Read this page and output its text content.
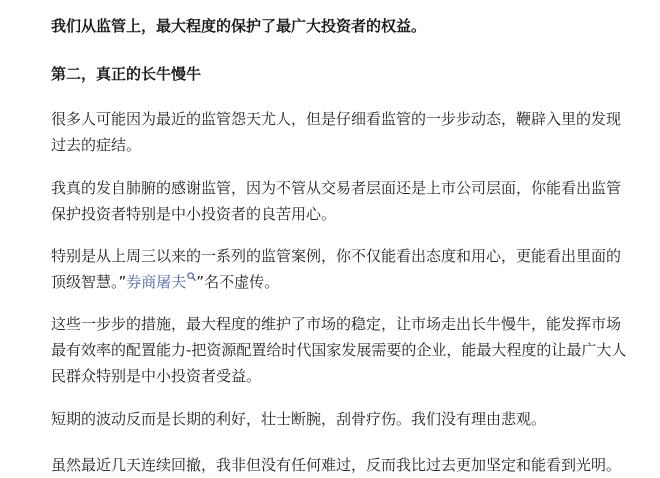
我们从监管上，最大程度的保护了最广大投资者的权益。

第二，真正的长牛慢牛

很多人可能因为最近的监管怨天尤人，但是仔细看监管的一步步动态，鞭辟入里的发现
过去的症结。

我真的发自肺腑的感谢监管，因为不管从交易者层面还是上市公司层面，你能看出监管
保护投资者特别是中小投资者的良苦用心。

特别是从上周三以来的一系列的监管案例，你不仅能看出态度和用心，更能看出里面的
顶级智慧。”券商屠夫 ”名不虚传。

这些一步步的措施，最大程度的维护了市场的稳定，让市场走出长牛慢牛，能发挥市场
最有效率的配置能力-把资源配置给时代国家发展需要的企业，能最大程度的让最广大人
民群众特别是中小投资者受益。

短期的波动反而是长期的利好，壮士断腕，刮骨疗伤。我们没有理由悲观。

虽然最近几天连续回撤，我非但没有任何难过，反而我比过去更加坚定和能看到光明。
